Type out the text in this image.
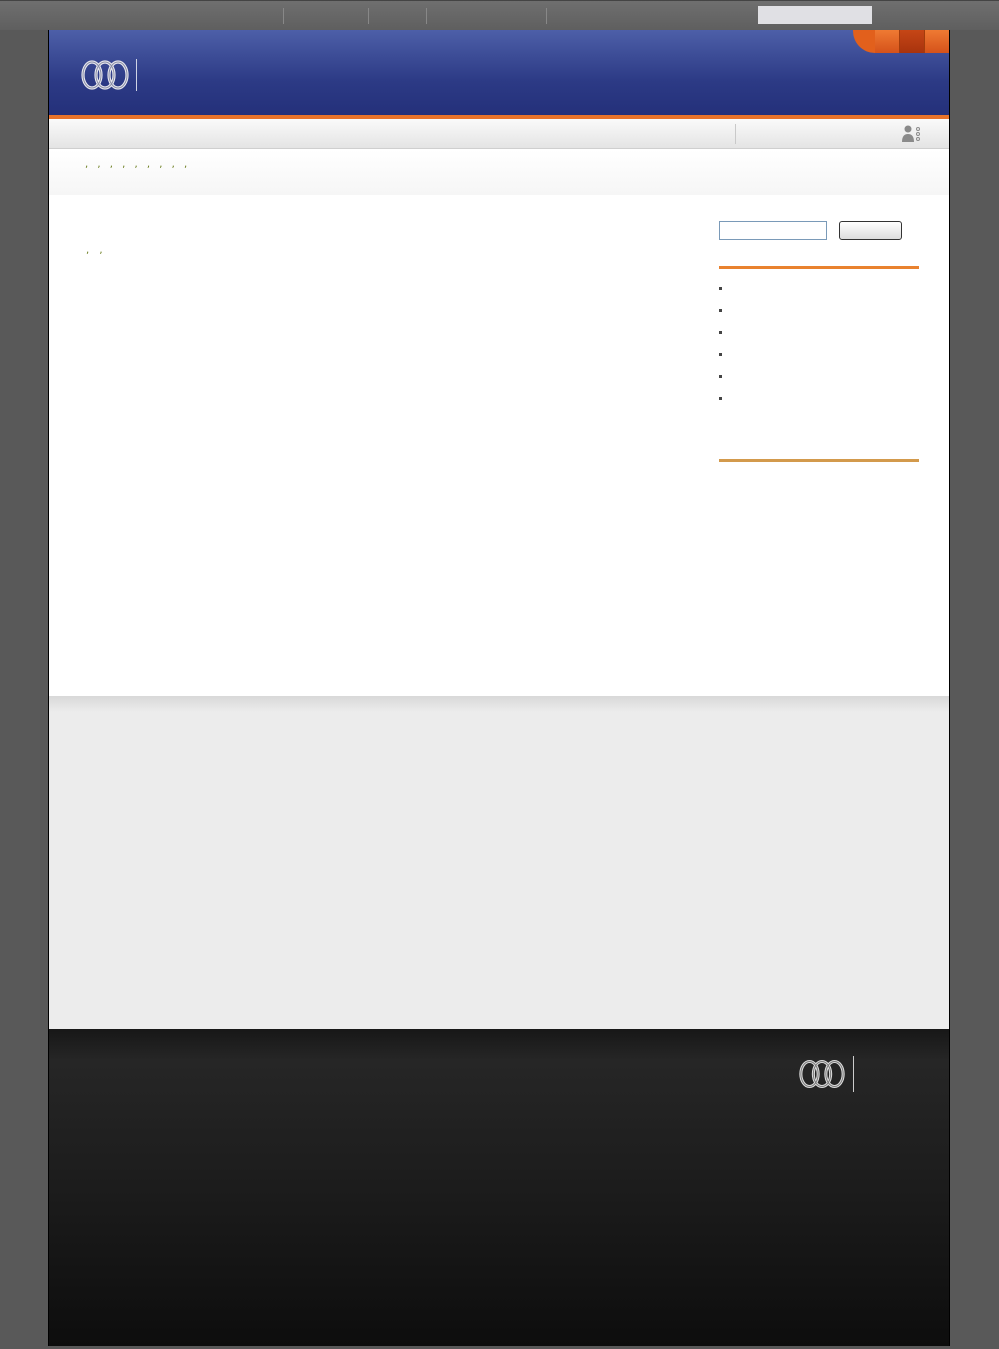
, , , , , , , , ,

, ,
